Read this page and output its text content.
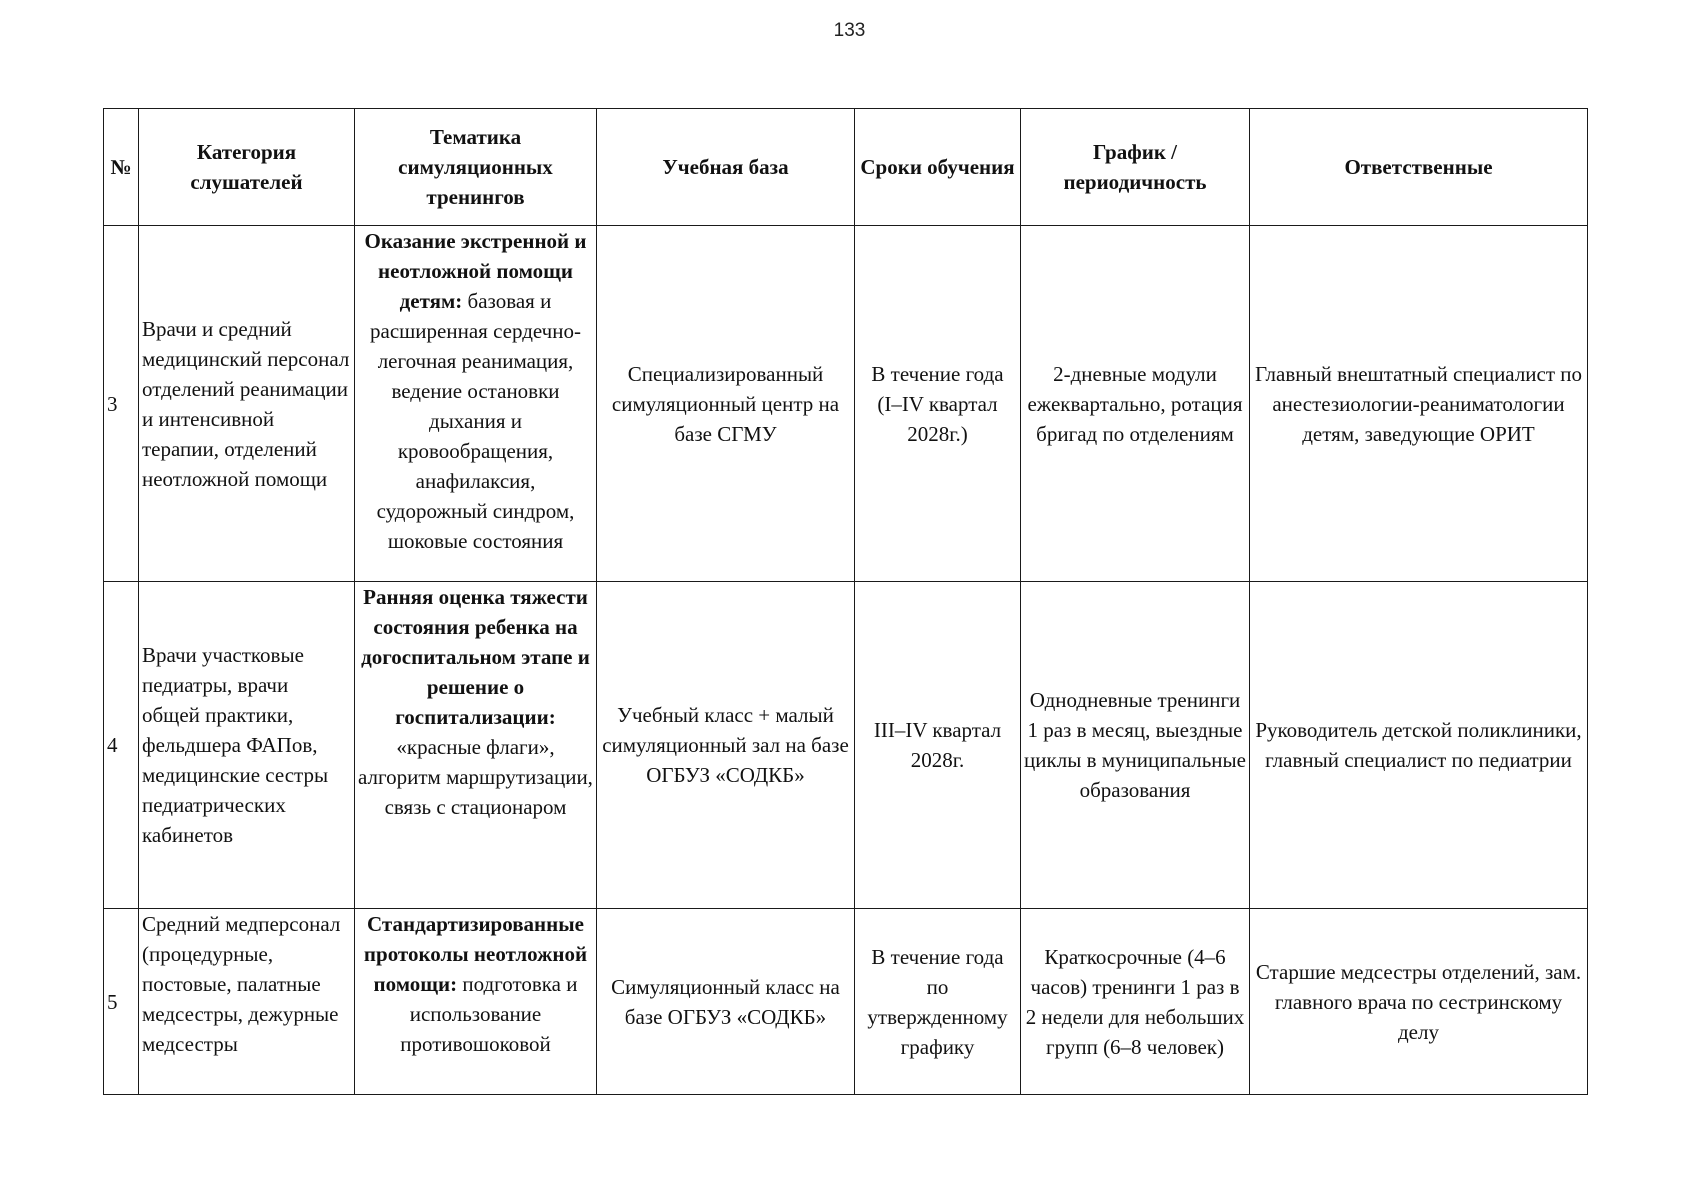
133
№	Категория слушателей	Тематика симуляционных тренингов	Учебная база	Сроки обучения	График / периодичность	Ответственные
3	Врачи и средний медицинский персонал отделений реанимации и интенсивной терапии, отделений неотложной помощи	Оказание экстренной и неотложной помощи детям: базовая и расширенная сердечно-легочная реанимация, ведение остановки дыхания и кровообращения, анафилаксия, судорожный синдром, шоковые состояния	Специализированный симуляционный центр на базе СГМУ	В течение года (I–IV квартал 2028г.)	2-дневные модули ежеквартально, ротация бригад по отделениям	Главный внештатный специалист по анестезиологии-реаниматологии детям, заведующие ОРИТ
4	Врачи участковые педиатры, врачи общей практики, фельдшера ФАПов, медицинские сестры педиатрических кабинетов	Ранняя оценка тяжести состояния ребенка на догоспитальном этапе и решение о госпитализации: «красные флаги», алгоритм маршрутизации, связь с стационаром	Учебный класс + малый симуляционный зал на базе ОГБУЗ «СОДКБ»	III–IV квартал 2028г.	Однодневные тренинги 1 раз в месяц, выездные циклы в муниципальные образования	Руководитель детской поликлиники, главный специалист по педиатрии
5	Средний медперсонал (процедурные, постовые, палатные медсестры, дежурные медсестры	Стандартизированные протоколы неотложной помощи: подготовка и использование противошоковой	Симуляционный класс на базе ОГБУЗ «СОДКБ»	В течение года по утвержденному графику	Краткосрочные (4–6 часов) тренинги 1 раз в 2 недели для небольших групп (6–8 человек)	Старшие медсестры отделений, зам. главного врача по сестринскому делу
